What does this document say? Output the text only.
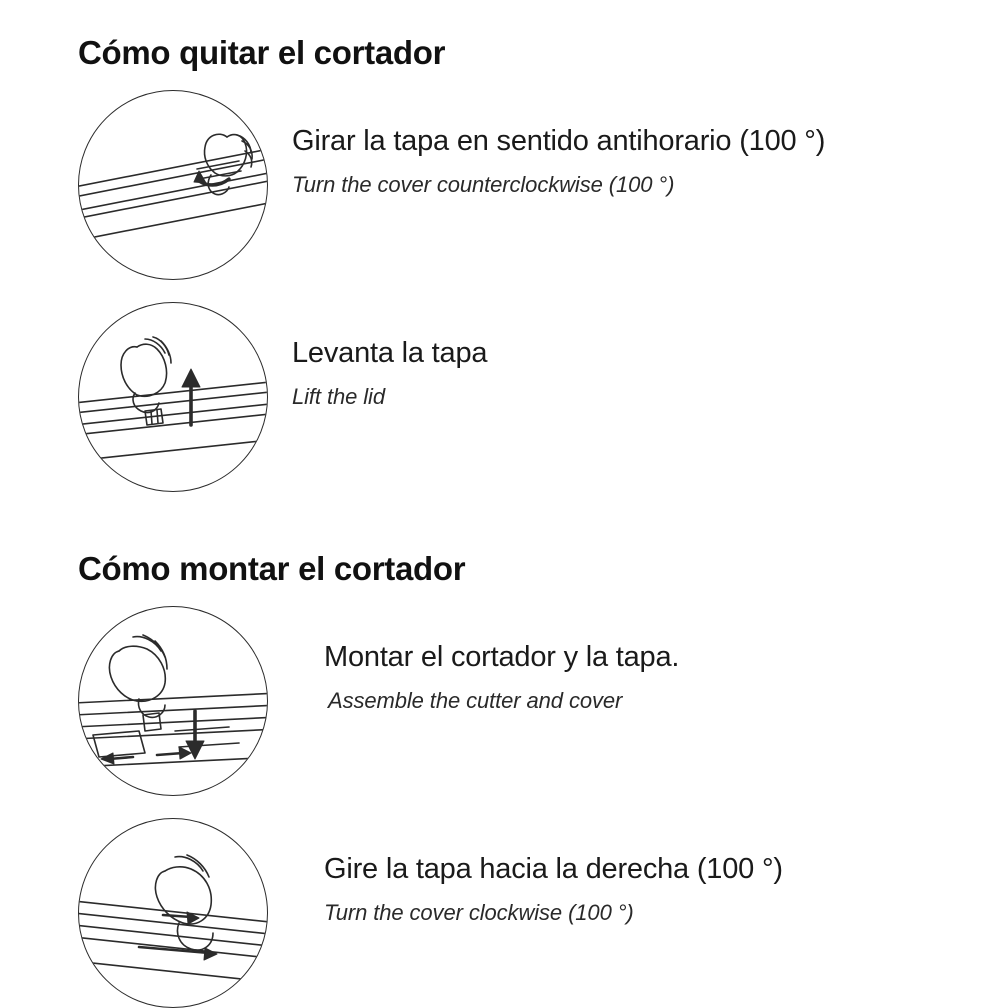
Cómo quitar el cortador
Girar la tapa en sentido antihorario (100 °)
Turn the cover counterclockwise (100 °)
Levanta la tapa
Lift the lid
Cómo montar el cortador
Montar el cortador y la tapa.
Assemble the cutter and cover
Gire la tapa hacia la derecha (100 °)
Turn the cover clockwise (100 °)
